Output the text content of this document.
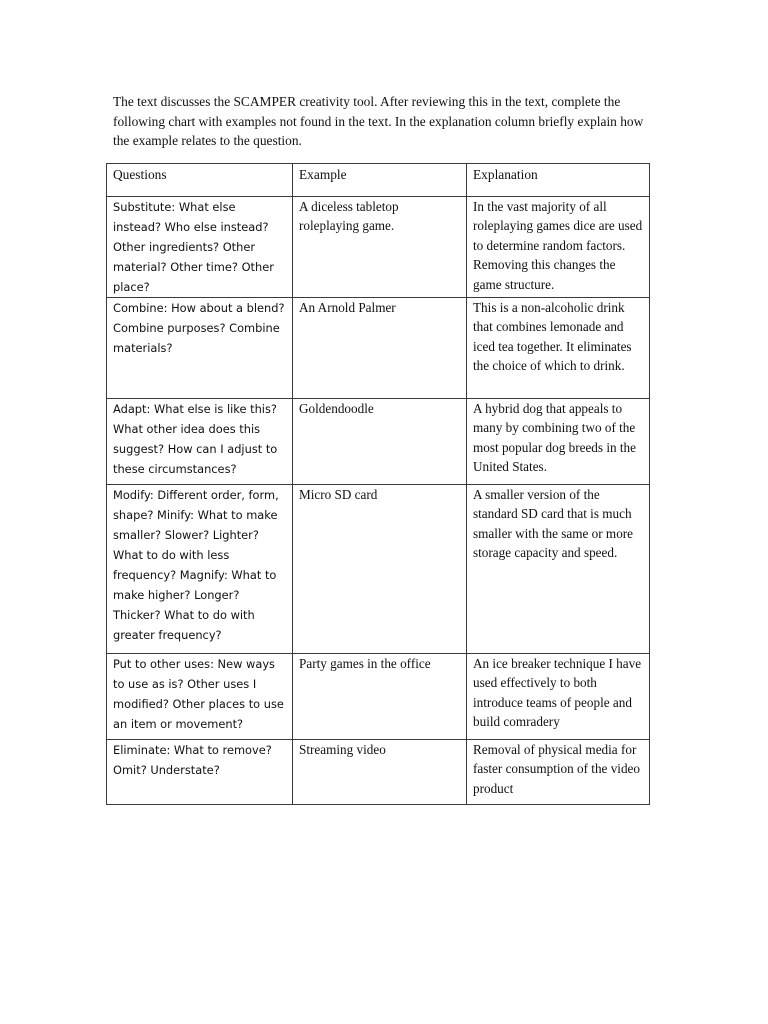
The text discusses the SCAMPER creativity tool. After reviewing this in the text, complete the following chart with examples not found in the text. In the explanation column briefly explain how the example relates to the question.

Questions	Example	Explanation
Substitute: What else instead? Who else instead? Other ingredients? Other material? Other time? Other place?	A diceless tabletop roleplaying game.	In the vast majority of all roleplaying games dice are used to determine random factors. Removing this changes the game structure.
Combine: How about a blend? Combine purposes? Combine materials?	An Arnold Palmer	This is a non-alcoholic drink that combines lemonade and iced tea together. It eliminates the choice of which to drink.
Adapt: What else is like this? What other idea does this suggest? How can I adjust to these circumstances?	Goldendoodle	A hybrid dog that appeals to many by combining two of the most popular dog breeds in the United States.
Modify: Different order, form, shape? Minify: What to make smaller? Slower? Lighter? What to do with less frequency? Magnify: What to make higher? Longer? Thicker? What to do with greater frequency?	Micro SD card	A smaller version of the standard SD card that is much smaller with the same or more storage capacity and speed.
Put to other uses: New ways to use as is? Other uses I modified? Other places to use an item or movement?	Party games in the office	An ice breaker technique I have used effectively to both introduce teams of people and build comradery
Eliminate: What to remove? Omit? Understate?	Streaming video	Removal of physical media for faster consumption of the video product
